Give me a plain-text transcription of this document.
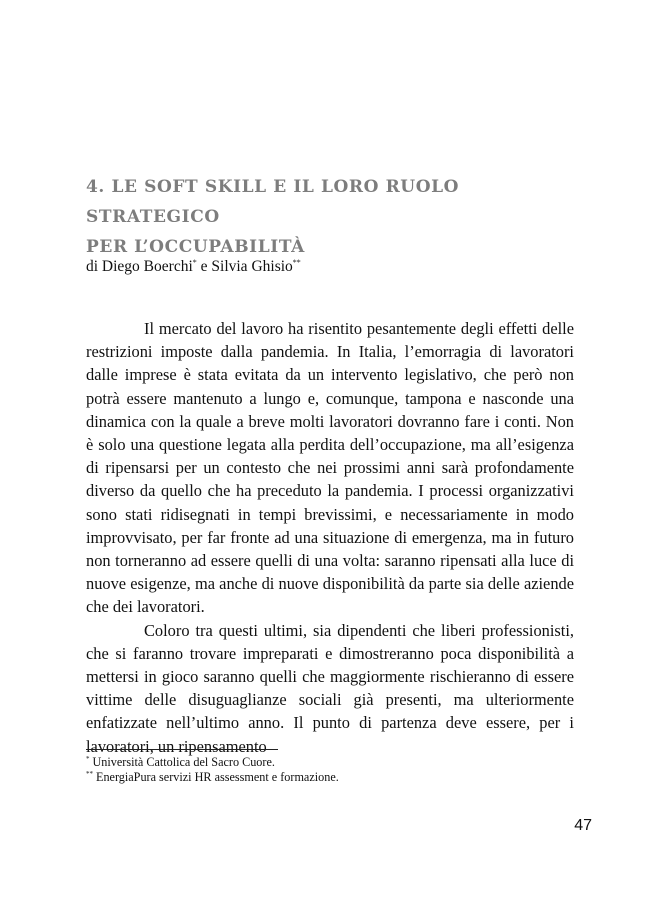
4. LE SOFT SKILL E IL LORO RUOLO STRATEGICO
PER L’OCCUPABILITÀ

di Diego Boerchi* e Silvia Ghisio**

Il mercato del lavoro ha risentito pesantemente degli effetti delle restrizioni imposte dalla pandemia. In Italia, l’emorragia di lavoratori dalle imprese è stata evitata da un intervento legislativo, che però non potrà essere mantenuto a lungo e, comunque, tampona e nasconde una dinamica con la quale a breve molti lavoratori dovranno fare i conti. Non è solo una questione legata alla perdita dell’occupazione, ma all’esigenza di ripensarsi per un contesto che nei prossimi anni sarà profondamente diverso da quello che ha preceduto la pandemia. I processi organizzativi sono stati ridisegnati in tempi brevissimi, e necessariamente in modo improvvisato, per far fronte ad una situazione di emergenza, ma in futuro non torneranno ad essere quelli di una volta: saranno ripensati alla luce di nuove esigenze, ma anche di nuove disponibilità da parte sia delle aziende che dei lavoratori.

Coloro tra questi ultimi, sia dipendenti che liberi professionisti, che si faranno trovare impreparati e dimostreranno poca disponibilità a mettersi in gioco saranno quelli che maggiormente rischieranno di essere vittime delle disuguaglianze sociali già presenti, ma ulteriormente enfatizzate nell’ultimo anno. Il punto di partenza deve essere, per i lavoratori, un ripensamento

* Università Cattolica del Sacro Cuore.

** EnergiaPura servizi HR assessment e formazione.

47
